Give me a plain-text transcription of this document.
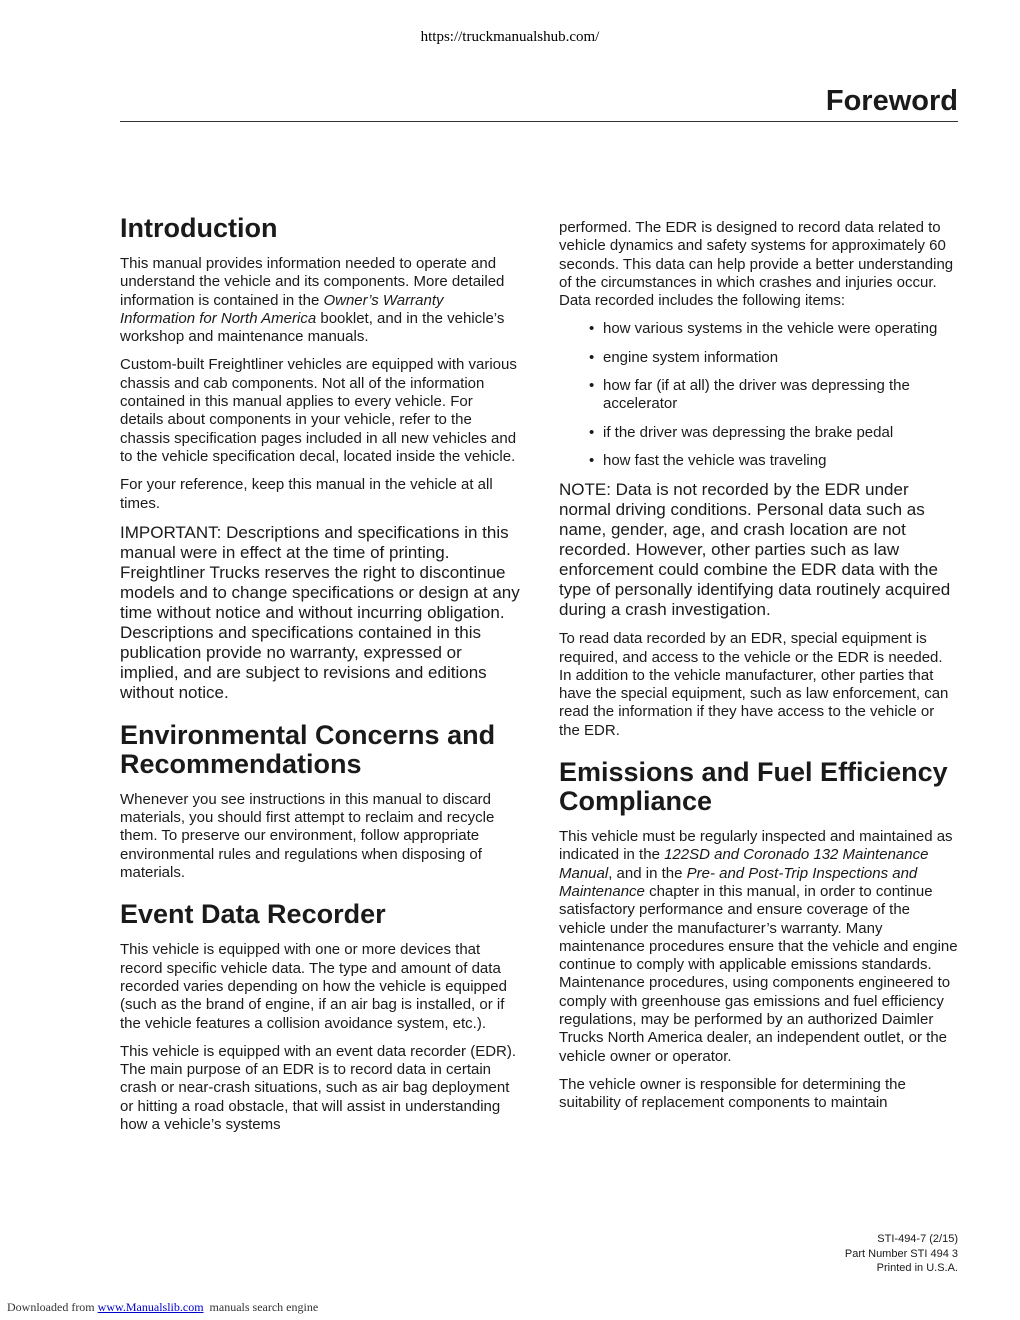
https://truckmanualshub.com/
Foreword
Introduction

This manual provides information needed to operate and understand the vehicle and its components. More detailed information is contained in the Owner’s Warranty Information for North America booklet, and in the vehicle’s workshop and maintenance manuals.

Custom-built Freightliner vehicles are equipped with various chassis and cab components. Not all of the information contained in this manual applies to every vehicle. For details about components in your vehicle, refer to the chassis specification pages included in all new vehicles and to the vehicle specification decal, located inside the vehicle.

For your reference, keep this manual in the vehicle at all times.

IMPORTANT: Descriptions and specifications in this manual were in effect at the time of printing. Freightliner Trucks reserves the right to discontinue models and to change specifications or design at any time without notice and without incurring obligation. Descriptions and specifications contained in this publication provide no warranty, expressed or implied, and are subject to revisions and editions without notice.

Environmental Concerns and Recommendations

Whenever you see instructions in this manual to discard materials, you should first attempt to reclaim and recycle them. To preserve our environment, follow appropriate environmental rules and regulations when disposing of materials.

Event Data Recorder

This vehicle is equipped with one or more devices that record specific vehicle data. The type and amount of data recorded varies depending on how the vehicle is equipped (such as the brand of engine, if an air bag is installed, or if the vehicle features a collision avoidance system, etc.).

This vehicle is equipped with an event data recorder (EDR). The main purpose of an EDR is to record data in certain crash or near-crash situations, such as air bag deployment or hitting a road obstacle, that will assist in understanding how a vehicle’s systems

performed. The EDR is designed to record data related to vehicle dynamics and safety systems for approximately 60 seconds. This data can help provide a better understanding of the circumstances in which crashes and injuries occur. Data recorded includes the following items:

• how various systems in the vehicle were operating
• engine system information
• how far (if at all) the driver was depressing the accelerator
• if the driver was depressing the brake pedal
• how fast the vehicle was traveling

NOTE: Data is not recorded by the EDR under normal driving conditions. Personal data such as name, gender, age, and crash location are not recorded. However, other parties such as law enforcement could combine the EDR data with the type of personally identifying data routinely acquired during a crash investigation.

To read data recorded by an EDR, special equipment is required, and access to the vehicle or the EDR is needed. In addition to the vehicle manufacturer, other parties that have the special equipment, such as law enforcement, can read the information if they have access to the vehicle or the EDR.

Emissions and Fuel Efficiency Compliance

This vehicle must be regularly inspected and maintained as indicated in the 122SD and Coronado 132 Maintenance Manual, and in the Pre- and Post-Trip Inspections and Maintenance chapter in this manual, in order to continue satisfactory performance and ensure coverage of the vehicle under the manufacturer’s warranty. Many maintenance procedures ensure that the vehicle and engine continue to comply with applicable emissions standards. Maintenance procedures, using components engineered to comply with greenhouse gas emissions and fuel efficiency regulations, may be performed by an authorized Daimler Trucks North America dealer, an independent outlet, or the vehicle owner or operator.

The vehicle owner is responsible for determining the suitability of replacement components to maintain

STI-494-7 (2/15)
Part Number STI 494 3
Printed in U.S.A.
Downloaded from www.Manualslib.com  manuals search engine
